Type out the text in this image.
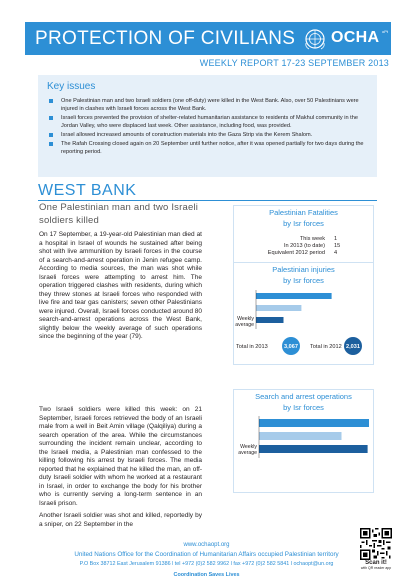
PROTECTION OF CIVILIANS OCHA oPt
WEEKLY REPORT 17-23 SEPTEMBER 2013
Key issues
One Palestinian man and two Israeli soldiers (one off-duty) were killed in the West Bank. Also, over 50 Palestinians were injured in clashes with Israeli forces across the West Bank.
Israeli forces prevented the provision of shelter-related humanitarian assistance to residents of Makhul community in the Jordan Valley, who were displaced last week. Other assistance, including food, was provided.
Israel allowed increased amounts of construction materials into the Gaza Strip via the Kerem Shalom.
The Rafah Crossing closed again on 20 September until further notice, after it was opened partially for two days during the reporting period.
WEST BANK
One Palestinian man and two Israeli soldiers killed

On 17 September, a 19-year-old Palestinian man died at a hospital in Israel of wounds he sustained after being shot with live ammunition by Israeli forces in the course of a search-and-arrest operation in Jenin refugee camp. According to media sources, the man was shot while Israeli forces were attempting to arrest him. The operation triggered clashes with residents, during which they threw stones at Israeli forces who responded with live fire and tear gas canisters; seven other Palestinians were injured. Overall, Israeli forces conducted around 80 search-and-arrest operations across the West Bank, slightly below the weekly average of such operations since the beginning of the year (79).

Two Israeli soldiers were killed this week: on 21 September, Israeli forces retrieved the body of an Israeli male from a well in Beit Amin village (Qalqiliya) during a search operation of the area. While the circumstances surrounding the incident remain unclear, according to the Israeli media, a Palestinian man confessed to the killing following his arrest by Israeli forces. The media reported that he explained that he killed the man, an off-duty Israeli soldier with whom he worked at a restaurant in Israel, in order to exchange the body for his brother who is currently serving a long-term sentence in an Israeli prison.

Another Israeli soldier was shot and killed, reportedly by a sniper, on 22 September in the

Palestinian Fatalities
by Isr forces
This week 1
In 2013 (to date) 15
Equivalent 2012 period 4
Palestinian injuries
by Isr forces
Weekly
average
Total in 2013	3,067 Total in 2012 2,031
Search and arrest operations
by Isr forces
Weekly
average
www.ochaopt.org
United Nations Office for the Coordination of Humanitarian Affairs occupied Palestinian territory
P.O Box 38712 East Jerusalem 91386 l tel +972 (0)2 582 9962 l fax +972 (0)2 582 5841 l ochaopt@un.org
Coordination Saves Lives
Scan it!
with QR reader app
